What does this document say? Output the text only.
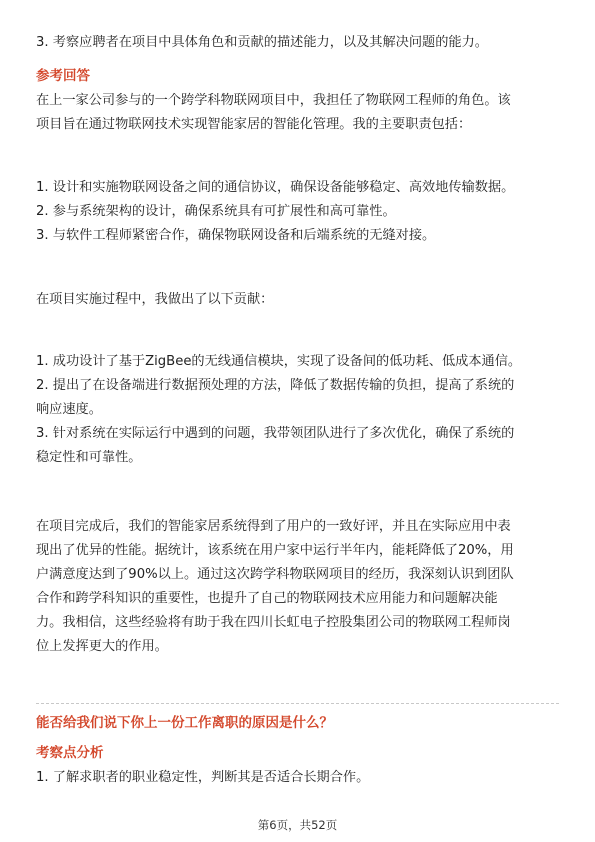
3. 考察应聘者在项目中具体角色和贡献的描述能力，以及其解决问题的能力。

参考回答

在上一家公司参与的一个跨学科物联网项目中，我担任了物联网工程师的角色。该
项目旨在通过物联网技术实现智能家居的智能化管理。我的主要职责包括：

1. 设计和实施物联网设备之间的通信协议，确保设备能够稳定、高效地传输数据。
2. 参与系统架构的设计，确保系统具有可扩展性和高可靠性。
3. 与软件工程师紧密合作，确保物联网设备和后端系统的无缝对接。

在项目实施过程中，我做出了以下贡献：

1. 成功设计了基于ZigBee的无线通信模块，实现了设备间的低功耗、低成本通信。
2. 提出了在设备端进行数据预处理的方法，降低了数据传输的负担，提高了系统的
响应速度。
3. 针对系统在实际运行中遇到的问题，我带领团队进行了多次优化，确保了系统的
稳定性和可靠性。

在项目完成后，我们的智能家居系统得到了用户的一致好评，并且在实际应用中表
现出了优异的性能。据统计，该系统在用户家中运行半年内，能耗降低了20%，用
户满意度达到了90%以上。通过这次跨学科物联网项目的经历，我深刻认识到团队
合作和跨学科知识的重要性，也提升了自己的物联网技术应用能力和问题解决能
力。我相信，这些经验将有助于我在四川长虹电子控股集团公司的物联网工程师岗
位上发挥更大的作用。

能否给我们说下你上一份工作离职的原因是什么？
考察点分析

1. 了解求职者的职业稳定性，判断其是否适合长期合作。

第6页，共52页
